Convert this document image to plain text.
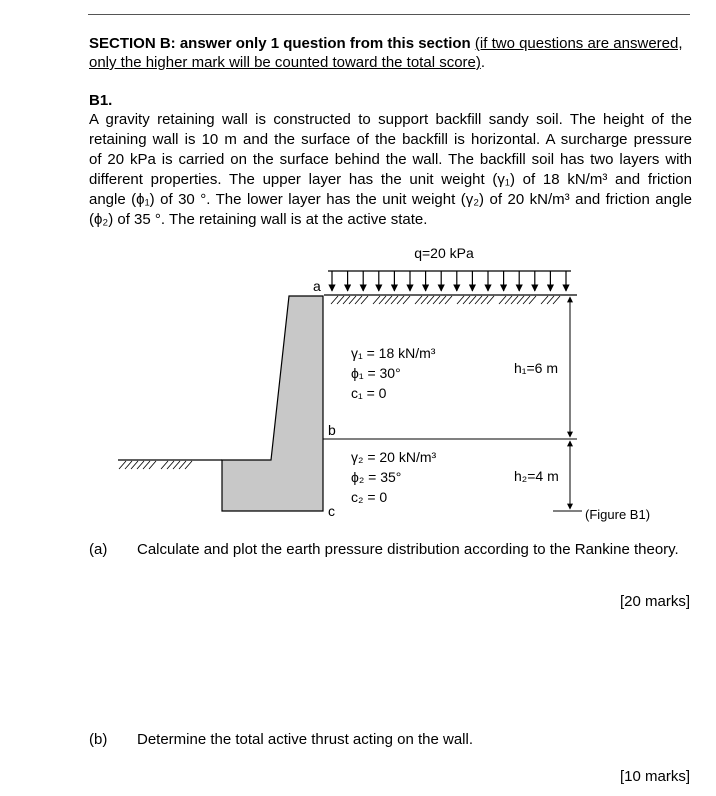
SECTION B: answer only 1 question from this section (if two questions are answered, only the higher mark will be counted toward the total score).
B1.
A gravity retaining wall is constructed to support backfill sandy soil. The height of the
retaining wall is 10 m and the surface of the backfill is horizontal. A surcharge pressure
of 20 kPa is carried on the surface behind the wall. The backfill soil has two layers with
different properties. The upper layer has the unit weight (γ₁) of 18 kN/m³ and friction
angle (ϕ₁) of 30 °. The lower layer has the unit weight (γ₂) of 20 kN/m³ and friction angle
(ϕ₂) of 35 °. The retaining wall is at the active state.
q=20 kPa
a
b
c
γ₁ = 18 kN/m³
ϕ₁ = 30°
c₁ = 0
γ₂ = 20 kN/m³
ϕ₂ = 35°
c₂ = 0
h₁=6 m
h₂=4 m
(Figure B1)
(a) Calculate and plot the earth pressure distribution according to the Rankine theory.
[20 marks]
(b) Determine the total active thrust acting on the wall.
[10 marks]
